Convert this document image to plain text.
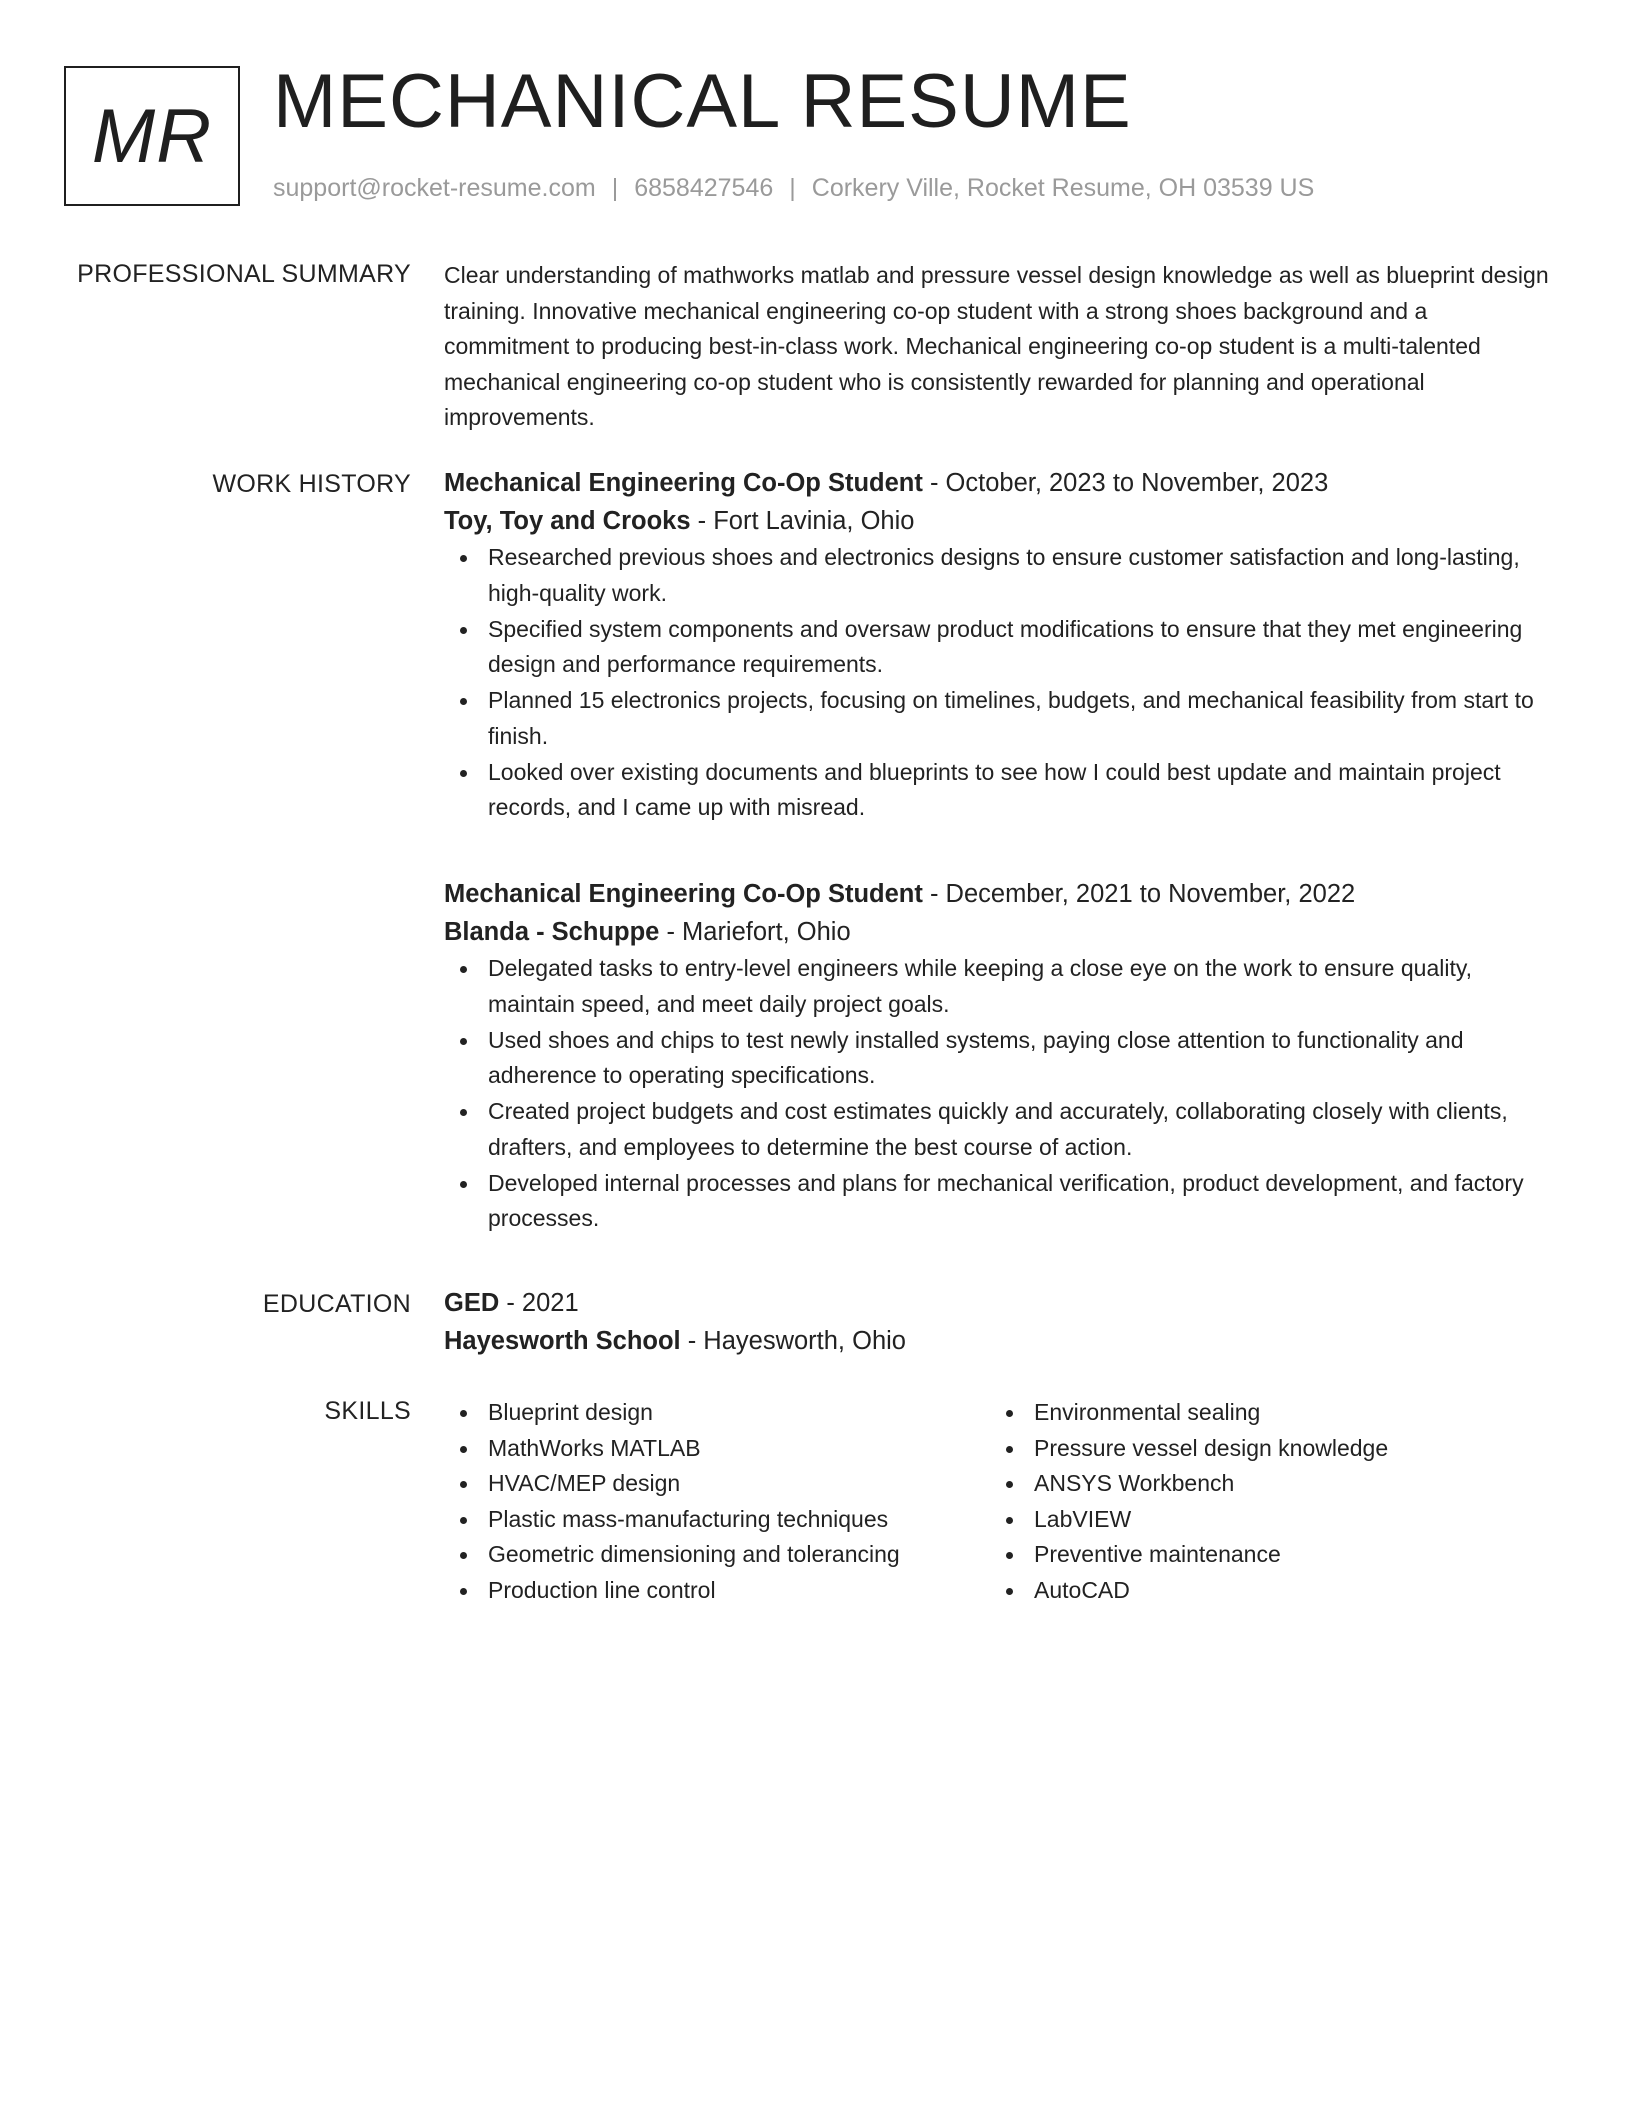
MR MECHANICAL RESUME
support@rocket-resume.com | 6858427546 | Corkery Ville, Rocket Resume, OH 03539 US
PROFESSIONAL SUMMARY Clear understanding of mathworks matlab and pressure vessel design knowledge as well as blueprint design training. Innovative mechanical engineering co-op student with a strong shoes background and a commitment to producing best-in-class work. Mechanical engineering co-op student is a multi-talented mechanical engineering co-op student who is consistently rewarded for planning and operational improvements.

WORK HISTORY Mechanical Engineering Co-Op Student - October, 2023 to November, 2023
Toy, Toy and Crooks - Fort Lavinia, Ohio
Researched previous shoes and electronics designs to ensure customer satisfaction and long-lasting, high-quality work.
Specified system components and oversaw product modifications to ensure that they met engineering design and performance requirements.
Planned 15 electronics projects, focusing on timelines, budgets, and mechanical feasibility from start to finish.
Looked over existing documents and blueprints to see how I could best update and maintain project records, and I came up with misread.
Mechanical Engineering Co-Op Student - December, 2021 to November, 2022
Blanda - Schuppe - Mariefort, Ohio
Delegated tasks to entry-level engineers while keeping a close eye on the work to ensure quality, maintain speed, and meet daily project goals.
Used shoes and chips to test newly installed systems, paying close attention to functionality and adherence to operating specifications.
Created project budgets and cost estimates quickly and accurately, collaborating closely with clients, drafters, and employees to determine the best course of action.
Developed internal processes and plans for mechanical verification, product development, and factory processes.
EDUCATION GED - 2021
Hayesworth School - Hayesworth, Ohio
SKILLS	Blueprint design
MathWorks MATLAB
HVAC/MEP design
Plastic mass-manufacturing techniques
Geometric dimensioning and tolerancing
Production line control
Environmental sealing
Pressure vessel design knowledge
ANSYS Workbench
LabVIEW
Preventive maintenance
AutoCAD
